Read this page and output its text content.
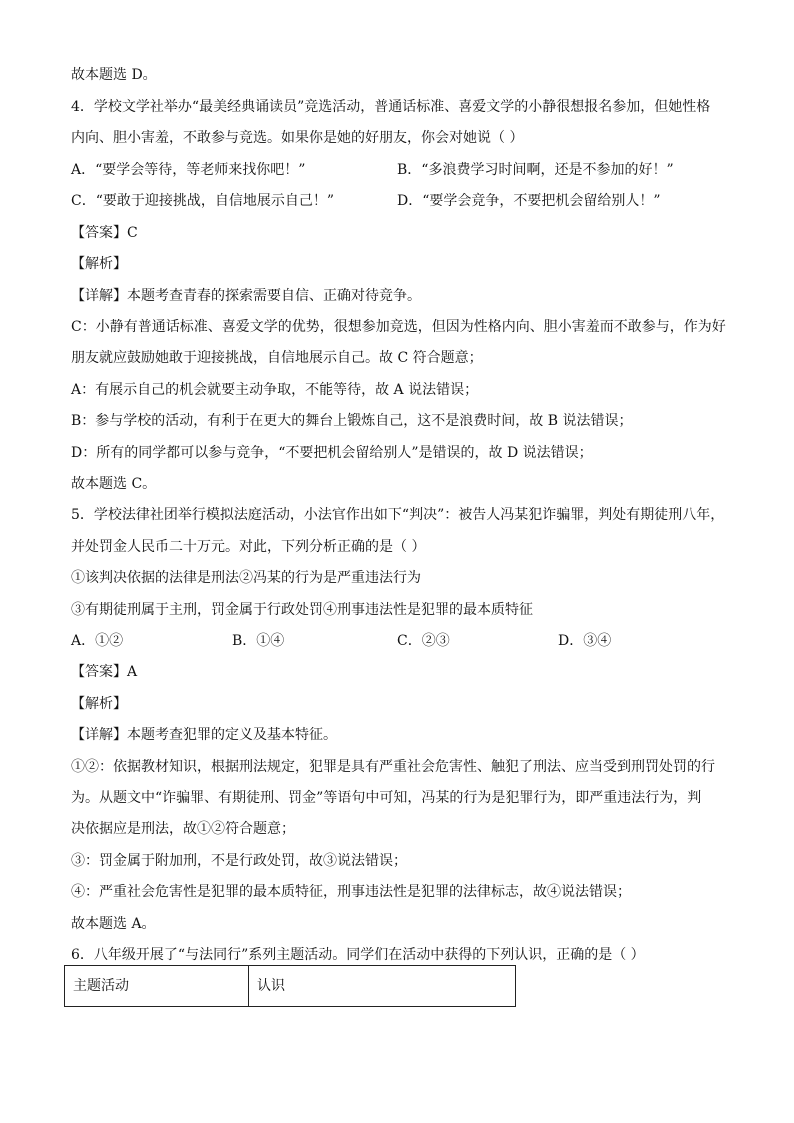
故本题选 D。
4．学校文学社举办“最美经典诵读员”竞选活动，普通话标准、喜爱文学的小静很想报名参加，但她性格
内向、胆小害羞，不敢参与竞选。如果你是她的好朋友，你会对她说（ ）
A．“要学会等待，等老师来找你吧！”	B．“多浪费学习时间啊，还是不参加的好！”
C．“要敢于迎接挑战，自信地展示自己！”	D．“要学会竞争，不要把机会留给别人！”
【答案】C
【解析】
【详解】本题考查青春的探索需要自信、正确对待竞争。
C：小静有普通话标准、喜爱文学的优势，很想参加竞选，但因为性格内向、胆小害羞而不敢参与，作为好
朋友就应鼓励她敢于迎接挑战，自信地展示自己。故 C 符合题意；
A：有展示自己的机会就要主动争取，不能等待，故 A 说法错误；
B：参与学校的活动，有利于在更大的舞台上锻炼自己，这不是浪费时间，故 B 说法错误；
D：所有的同学都可以参与竞争，“不要把机会留给别人”是错误的，故 D 说法错误；
故本题选 C。
5．学校法律社团举行模拟法庭活动，小法官作出如下“判决”：被告人冯某犯诈骗罪，判处有期徒刑八年，
并处罚金人民币二十万元。对此，下列分析正确的是（ ）
①该判决依据的法律是刑法②冯某的行为是严重违法行为
③有期徒刑属于主刑，罚金属于行政处罚④刑事违法性是犯罪的最本质特征
A．①②	B．①④	C．②③	D．③④
【答案】A
【解析】
【详解】本题考查犯罪的定义及基本特征。
①②：依据教材知识，根据刑法规定，犯罪是具有严重社会危害性、触犯了刑法、应当受到刑罚处罚的行
为。从题文中“诈骗罪、有期徒刑、罚金”等语句中可知，冯某的行为是犯罪行为，即严重违法行为，判
决依据应是刑法，故①②符合题意；
③：罚金属于附加刑，不是行政处罚，故③说法错误；
④：严重社会危害性是犯罪的最本质特征，刑事违法性是犯罪的法律标志，故④说法错误；
故本题选 A。
6．八年级开展了“与法同行”系列主题活动。同学们在活动中获得的下列认识，正确的是（ ）
主题活动	认识
